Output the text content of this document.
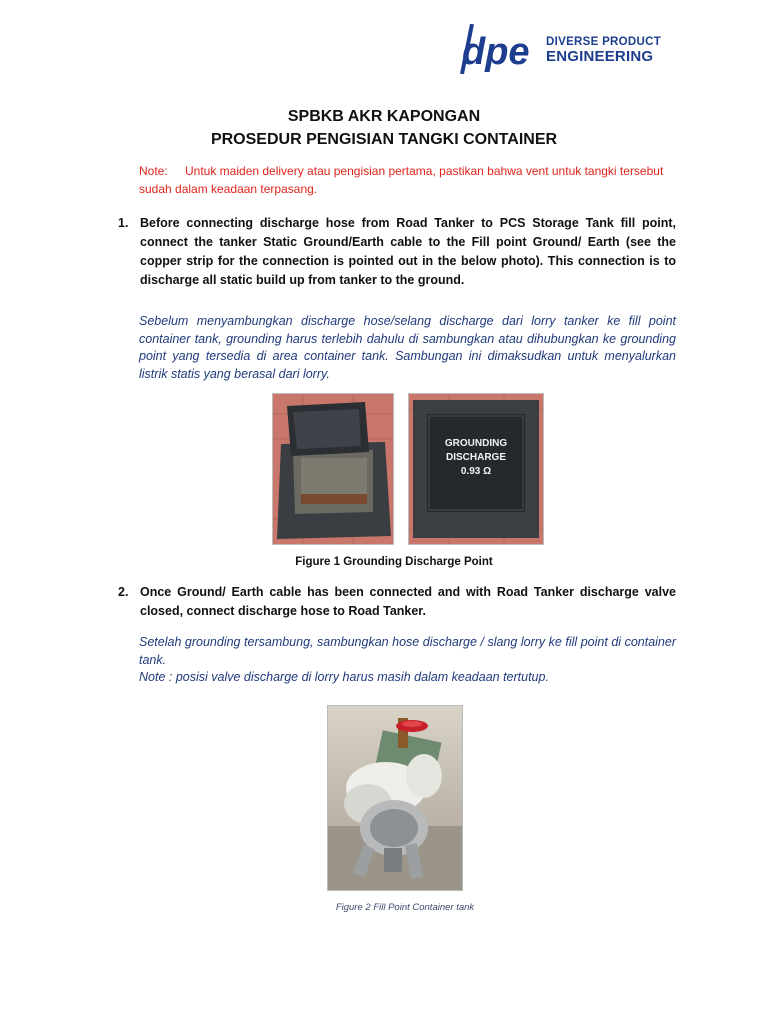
dpe DIVERSE PRODUCT
ENGINEERING
SPBKB AKR KAPONGAN
PROSEDUR PENGISIAN TANGKI CONTAINER
Note: Untuk maiden delivery atau pengisian pertama, pastikan bahwa vent untuk tangki tersebut sudah dalam keadaan terpasang.
1. Before connecting discharge hose from Road Tanker to PCS Storage Tank fill point, connect the tanker Static Ground/Earth cable to the Fill point Ground/ Earth (see the copper strip for the connection is pointed out in the below photo). This connection is to discharge all static build up from tanker to the ground.
Sebelum menyambungkan discharge hose/selang discharge dari lorry tanker ke fill point container tank, grounding harus terlebih dahulu di sambungkan atau dihubungkan ke grounding point yang tersedia di area container tank. Sambungan ini dimaksudkan untuk menyalurkan listrik statis yang berasal dari lorry.
GROUNDING
DISCHARGE
0.93 Ω
Figure 1 Grounding Discharge Point
2. Once Ground/ Earth cable has been connected and with Road Tanker discharge valve closed, connect discharge hose to Road Tanker.
Setelah grounding tersambung, sambungkan hose discharge / slang lorry ke fill point di container tank.
Note : posisi valve discharge di lorry harus masih dalam keadaan tertutup.
Figure 2 Fill Point Container tank
